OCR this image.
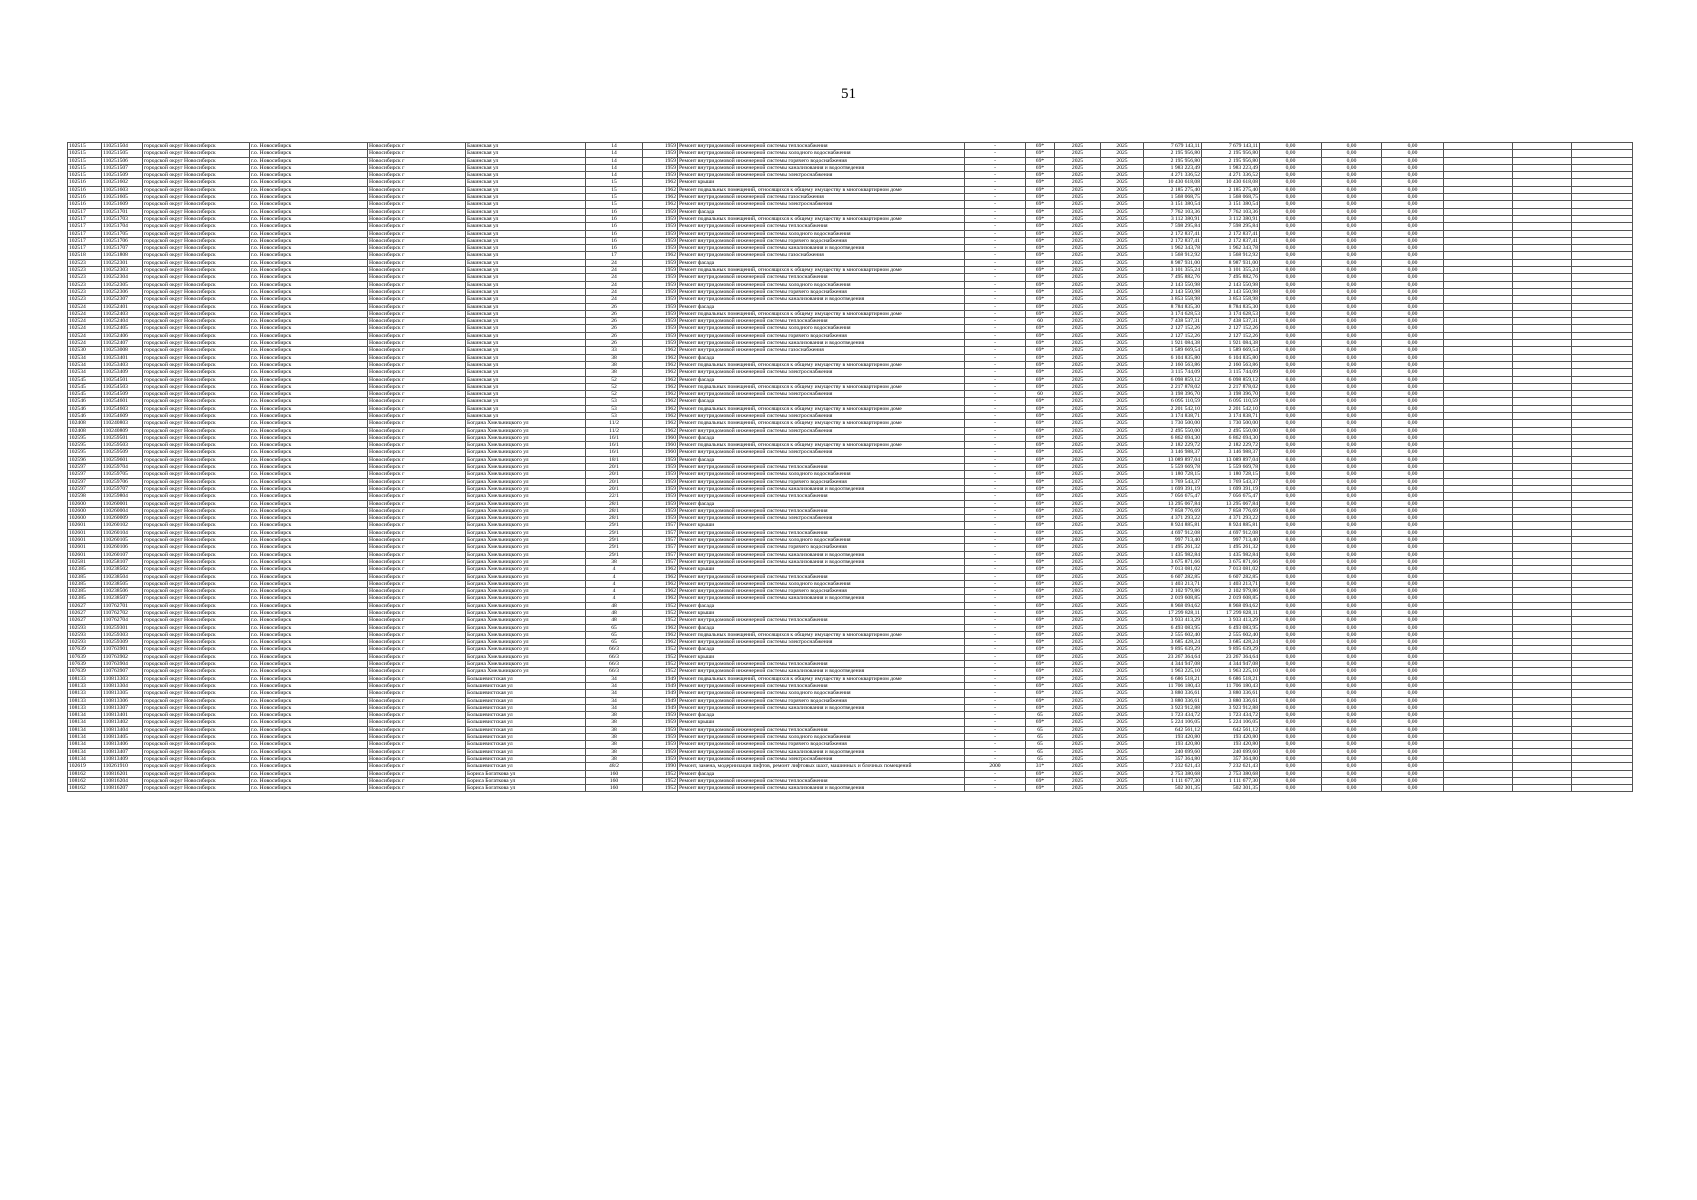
51
102515	110251504	городской округ Новосибирск	г.о. Новосибирск	Новосибирск г	Бакинская ул	14	1959	Ремонт внутридомовой инженерной системы теплоснабжения	-	69*	2025	2025	7 679 143,11	7 679 143,11	0,00	0,00	0,00			
102515	110251505	городской округ Новосибирск	г.о. Новосибирск	Новосибирск г	Бакинская ул	14	1959	Ремонт внутридомовой инженерной системы холодного водоснабжения	-	69*	2025	2025	2 195 956,80	2 195 956,80	0,00	0,00	0,00			
102515	110251506	городской округ Новосибирск	г.о. Новосибирск	Новосибирск г	Бакинская ул	14	1959	Ремонт внутридомовой инженерной системы горячего водоснабжения	-	69*	2025	2025	2 195 956,80	2 195 956,80	0,00	0,00	0,00			
102515	110251507	городской округ Новосибирск	г.о. Новосибирск	Новосибирск г	Бакинская ул	14	1959	Ремонт внутридомовой инженерной системы канализования и водоотведения	-	69*	2025	2025	1 983 223,49	1 983 223,49	0,00	0,00	0,00			
102515	110251509	городской округ Новосибирск	г.о. Новосибирск	Новосибирск г	Бакинская ул	14	1959	Ремонт внутридомовой инженерной системы электроснабжения	-	69*	2025	2025	4 271 336,52	4 271 336,52	0,00	0,00	0,00			
102516	110251602	городской округ Новосибирск	г.о. Новосибирск	Новосибирск г	Бакинская ул	15	1962	Ремонт крыши	-	69*	2025	2025	10 430 618,08	10 430 618,08	0,00	0,00	0,00			
102516	110251603	городской округ Новосибирск	г.о. Новосибирск	Новосибирск г	Бакинская ул	15	1962	Ремонт подвальных помещений, относящихся к общему имуществу в многоквартирном доме	-	69*	2025	2025	2 185 275,40	2 185 275,40	0,00	0,00	0,00			
102516	110251605	городской округ Новосибирск	г.о. Новосибирск	Новосибирск г	Бакинская ул	15	1962	Ремонт внутридомовой инженерной системы газоснабжения	-	69*	2025	2025	1 568 068,75	1 568 068,75	0,00	0,00	0,00			
102516	110251609	городской округ Новосибирск	г.о. Новосибирск	Новосибирск г	Бакинская ул	15	1962	Ремонт внутридомовой инженерной системы электроснабжения	-	69*	2025	2025	3 151 380,54	3 151 380,54	0,00	0,00	0,00			
102517	110251701	городской округ Новосибирск	г.о. Новосибирск	Новосибирск г	Бакинская ул	16	1959	Ремонт фасада	-	69*	2025	2025	7 762 103,36	7 762 103,36	0,00	0,00	0,00			
102517	110251703	городской округ Новосибирск	г.о. Новосибирск	Новосибирск г	Бакинская ул	16	1959	Ремонт подвальных помещений, относящихся к общему имуществу в многоквартирном доме	-	69*	2025	2025	3 112 380,91	3 112 380,91	0,00	0,00	0,00			
102517	110251704	городской округ Новосибирск	г.о. Новосибирск	Новосибирск г	Бакинская ул	16	1959	Ремонт внутридомовой инженерной системы теплоснабжения	-	69*	2025	2025	7 598 295,84	7 598 295,84	0,00	0,00	0,00			
102517	110251705	городской округ Новосибирск	г.о. Новосибирск	Новосибирск г	Бакинская ул	16	1959	Ремонт внутридомовой инженерной системы холодного водоснабжения	-	69*	2025	2025	2 172 837,41	2 172 837,41	0,00	0,00	0,00			
102517	110251706	городской округ Новосибирск	г.о. Новосибирск	Новосибирск г	Бакинская ул	16	1959	Ремонт внутридомовой инженерной системы горячего водоснабжения	-	69*	2025	2025	2 172 837,41	2 172 837,41	0,00	0,00	0,00			
102517	110251707	городской округ Новосибирск	г.о. Новосибирск	Новосибирск г	Бакинская ул	16	1959	Ремонт внутридомовой инженерной системы канализования и водоотведения	-	69*	2025	2025	1 962 343,78	1 962 343,78	0,00	0,00	0,00			
102518	110251808	городской округ Новосибирск	г.о. Новосибирск	Новосибирск г	Бакинская ул	17	1962	Ремонт внутридомовой инженерной системы газоснабжения	-	69*	2025	2025	1 568 912,92	1 568 912,92	0,00	0,00	0,00			
102523	110252301	городской округ Новосибирск	г.о. Новосибирск	Новосибирск г	Бакинская ул	24	1959	Ремонт фасада	-	69*	2025	2025	8 987 931,00	8 987 931,00	0,00	0,00	0,00			
102523	110252303	городской округ Новосибирск	г.о. Новосибирск	Новосибирск г	Бакинская ул	24	1959	Ремонт подвальных помещений, относящихся к общему имуществу в многоквартирном доме	-	69*	2025	2025	3 101 355,24	3 101 355,24	0,00	0,00	0,00			
102523	110252304	городской округ Новосибирск	г.о. Новосибирск	Новосибирск г	Бакинская ул	24	1959	Ремонт внутридомовой инженерной системы теплоснабжения	-	69*	2025	2025	7 495 882,76	7 495 882,76	0,00	0,00	0,00			
102523	110252305	городской округ Новосибирск	г.о. Новосибирск	Новосибирск г	Бакинская ул	24	1959	Ремонт внутридомовой инженерной системы холодного водоснабжения	-	69*	2025	2025	2 143 550,98	2 143 550,98	0,00	0,00	0,00			
102523	110252306	городской округ Новосибирск	г.о. Новосибирск	Новосибирск г	Бакинская ул	24	1959	Ремонт внутридомовой инженерной системы горячего водоснабжения	-	69*	2025	2025	2 143 550,98	2 143 550,98	0,00	0,00	0,00			
102523	110252307	городской округ Новосибирск	г.о. Новосибирск	Новосибирск г	Бакинская ул	24	1959	Ремонт внутридомовой инженерной системы канализования и водоотведения	-	69*	2025	2025	3 853 558,98	3 853 558,98	0,00	0,00	0,00			
102524	110252401	городской округ Новосибирск	г.о. Новосибирск	Новосибирск г	Бакинская ул	26	1959	Ремонт фасада	-	69*	2025	2025	8 784 835,30	8 784 835,30	0,00	0,00	0,00			
102524	110252403	городской округ Новосибирск	г.о. Новосибирск	Новосибирск г	Бакинская ул	26	1959	Ремонт подвальных помещений, относящихся к общему имуществу в многоквартирном доме	-	69*	2025	2025	3 174 628,53	3 174 628,53	0,00	0,00	0,00			
102524	110252404	городской округ Новосибирск	г.о. Новосибирск	Новосибирск г	Бакинская ул	26	1959	Ремонт внутридомовой инженерной системы теплоснабжения	-	60	2025	2025	7 438 537,31	7 438 537,31	0,00	0,00	0,00			
102524	110252405	городской округ Новосибирск	г.о. Новосибирск	Новосибирск г	Бакинская ул	26	1959	Ремонт внутридомовой инженерной системы холодного водоснабжения	-	69*	2025	2025	2 127 152,26	2 127 152,26	0,00	0,00	0,00			
102524	110252406	городской округ Новосибирск	г.о. Новосибирск	Новосибирск г	Бакинская ул	26	1959	Ремонт внутридомовой инженерной системы горячего водоснабжения	-	69*	2025	2025	2 127 152,26	2 127 152,26	0,00	0,00	0,00			
102524	110252407	городской округ Новосибирск	г.о. Новосибирск	Новосибирск г	Бакинская ул	26	1959	Ремонт внутридомовой инженерной системы канализования и водоотведения	-	69*	2025	2025	1 921 084,38	1 921 084,38	0,00	0,00	0,00			
102530	110253008	городской округ Новосибирск	г.о. Новосибирск	Новосибирск г	Бакинская ул	33	1962	Ремонт внутридомовой инженерной системы газоснабжения	-	69*	2025	2025	1 589 669,54	1 589 669,54	0,00	0,00	0,00			
102534	110253401	городской округ Новосибирск	г.о. Новосибирск	Новосибирск г	Бакинская ул	38	1962	Ремонт фасада	-	69*	2025	2025	6 104 835,80	6 104 835,80	0,00	0,00	0,00			
102534	110253403	городской округ Новосибирск	г.о. Новосибирск	Новосибирск г	Бакинская ул	38	1962	Ремонт подвальных помещений, относящихся к общему имуществу в многоквартирном доме	-	69*	2025	2025	2 160 563,86	2 160 563,86	0,00	0,00	0,00			
102534	110253409	городской округ Новосибирск	г.о. Новосибирск	Новосибирск г	Бакинская ул	38	1962	Ремонт внутридомовой инженерной системы электроснабжения	-	69*	2025	2025	3 115 744,09	3 115 744,09	0,00	0,00	0,00			
102545	110254501	городской округ Новосибирск	г.о. Новосибирск	Новосибирск г	Бакинская ул	52	1962	Ремонт фасада	-	69*	2025	2025	6 098 859,12	6 098 859,12	0,00	0,00	0,00			
102545	110254503	городской округ Новосибирск	г.о. Новосибирск	Новосибирск г	Бакинская ул	52	1962	Ремонт подвальных помещений, относящихся к общему имуществу в многоквартирном доме	-	69*	2025	2025	2 217 878,02	2 217 878,02	0,00	0,00	0,00			
102545	110254509	городской округ Новосибирск	г.о. Новосибирск	Новосибирск г	Бакинская ул	52	1962	Ремонт внутридомовой инженерной системы электроснабжения	-	60	2025	2025	3 198 396,70	3 198 396,70	0,00	0,00	0,00			
102546	110254601	городской округ Новосибирск	г.о. Новосибирск	Новосибирск г	Бакинская ул	53	1962	Ремонт фасада	-	69*	2025	2025	6 095 110,59	6 095 110,59	0,00	0,00	0,00			
102546	110254603	городской округ Новосибирск	г.о. Новосибирск	Новосибирск г	Бакинская ул	53	1962	Ремонт подвальных помещений, относящихся к общему имуществу в многоквартирном доме	-	69*	2025	2025	2 201 542,10	2 201 542,10	0,00	0,00	0,00			
102546	110254609	городской округ Новосибирск	г.о. Новосибирск	Новосибирск г	Бакинская ул	53	1962	Ремонт внутридомовой инженерной системы электроснабжения	-	69*	2025	2025	3 174 838,71	3 174 838,71	0,00	0,00	0,00			
102408	110240803	городской округ Новосибирск	г.о. Новосибирск	Новосибирск г	Богдана Хмельницкого ул	11/2	1962	Ремонт подвальных помещений, относящихся к общему имуществу в многоквартирном доме	-	69*	2025	2025	1 730 500,00	1 730 500,00	0,00	0,00	0,00			
102408	110240809	городской округ Новосибирск	г.о. Новосибирск	Новосибирск г	Богдана Хмельницкого ул	11/2	1962	Ремонт внутридомовой инженерной системы электроснабжения	-	69*	2025	2025	2 495 550,00	2 495 550,00	0,00	0,00	0,00			
102595	110259501	городской округ Новосибирск	г.о. Новосибирск	Новосибирск г	Богдана Хмельницкого ул	16/1	1960	Ремонт фасада	-	69*	2025	2025	6 862 694,30	6 862 694,30	0,00	0,00	0,00			
102595	110259503	городской округ Новосибирск	г.о. Новосибирск	Новосибирск г	Богдана Хмельницкого ул	16/1	1960	Ремонт подвальных помещений, относящихся к общему имуществу в многоквартирном доме	-	69*	2025	2025	2 182 229,72	2 182 229,72	0,00	0,00	0,00			
102595	110259509	городской округ Новосибирск	г.о. Новосибирск	Новосибирск г	Богдана Хмельницкого ул	16/1	1960	Ремонт внутридомовой инженерной системы электроснабжения	-	69*	2025	2025	3 146 988,37	3 146 988,37	0,00	0,00	0,00			
102596	110259601	городской округ Новосибирск	г.о. Новосибирск	Новосибирск г	Богдана Хмельницкого ул	18/1	1959	Ремонт фасада	-	69*	2025	2025	13 089 897,04	13 089 897,04	0,00	0,00	0,00			
102597	110259704	городской округ Новосибирск	г.о. Новосибирск	Новосибирск г	Богдана Хмельницкого ул	20/1	1959	Ремонт внутридомовой инженерной системы теплоснабжения	-	69*	2025	2025	5 559 669,78	5 559 669,78	0,00	0,00	0,00			
102597	110259705	городской округ Новосибирск	г.о. Новосибирск	Новосибирск г	Богдана Хмельницкого ул	20/1	1959	Ремонт внутридомовой инженерной системы холодного водоснабжения	-	69*	2025	2025	1 180 728,15	1 180 728,15	0,00	0,00	0,00			
102597	110259706	городской округ Новосибирск	г.о. Новосибирск	Новосибирск г	Богдана Хмельницкого ул	20/1	1959	Ремонт внутридомовой инженерной системы горячего водоснабжения	-	69*	2025	2025	1 769 543,37	1 769 543,37	0,00	0,00	0,00			
102597	110259707	городской округ Новосибирск	г.о. Новосибирск	Новосибирск г	Богдана Хмельницкого ул	20/1	1959	Ремонт внутридомовой инженерной системы канализования и водоотведения	-	69*	2025	2025	1 699 391,19	1 699 391,19	0,00	0,00	0,00			
102598	110259804	городской округ Новосибирск	г.о. Новосибирск	Новосибирск г	Богдана Хмельницкого ул	22/1	1959	Ремонт внутридомовой инженерной системы теплоснабжения	-	69*	2025	2025	7 056 675,47	7 056 675,47	0,00	0,00	0,00			
102600	110260001	городской округ Новосибирск	г.о. Новосибирск	Новосибирск г	Богдана Хмельницкого ул	28/1	1959	Ремонт фасада	-	69*	2025	2025	13 295 067,84	13 295 067,84	0,00	0,00	0,00			
102600	110260004	городской округ Новосибирск	г.о. Новосибирск	Новосибирск г	Богдана Хмельницкого ул	28/1	1959	Ремонт внутридомовой инженерной системы теплоснабжения	-	69*	2025	2025	7 858 776,69	7 858 776,69	0,00	0,00	0,00			
102600	110260009	городской округ Новосибирск	г.о. Новосибирск	Новосибирск г	Богдана Хмельницкого ул	28/1	1959	Ремонт внутридомовой инженерной системы электроснабжения	-	69*	2025	2025	4 371 293,22	4 371 293,22	0,00	0,00	0,00			
102601	110260102	городской округ Новосибирск	г.о. Новосибирск	Новосибирск г	Богдана Хмельницкого ул	29/1	1957	Ремонт крыши	-	69*	2025	2025	8 924 885,81	8 924 885,81	0,00	0,00	0,00			
102601	110260104	городской округ Новосибирск	г.о. Новосибирск	Новосибирск г	Богдана Хмельницкого ул	29/1	1957	Ремонт внутридомовой инженерной системы теплоснабжения	-	69*	2025	2025	4 697 912,08	4 697 912,08	0,00	0,00	0,00			
102601	110260105	городской округ Новосибирск	г.о. Новосибирск	Новосибирск г	Богдана Хмельницкого ул	29/1	1957	Ремонт внутридомовой инженерной системы холодного водоснабжения	-	69*	2025	2025	997 713,40	997 713,40	0,00	0,00	0,00			
102601	110260106	городской округ Новосибирск	г.о. Новосибирск	Новосибирск г	Богдана Хмельницкого ул	29/1	1957	Ремонт внутридомовой инженерной системы горячего водоснабжения	-	69*	2025	2025	1 495 261,32	1 495 261,32	0,00	0,00	0,00			
102601	110260107	городской округ Новосибирск	г.о. Новосибирск	Новосибирск г	Богдана Хмельницкого ул	29/1	1957	Ремонт внутридомовой инженерной системы канализования и водоотведения	-	69*	2025	2025	1 435 982,84	1 435 982,84	0,00	0,00	0,00			
102581	110258107	городской округ Новосибирск	г.о. Новосибирск	Новосибирск г	Богдана Хмельницкого ул	38	1957	Ремонт внутридомовой инженерной системы канализования и водоотведения	-	69*	2025	2025	3 675 871,66	3 675 871,66	0,00	0,00	0,00			
102385	110238502	городской округ Новосибирск	г.о. Новосибирск	Новосибирск г	Богдана Хмельницкого ул	4	1962	Ремонт крыши	-	69*	2025	2025	7 013 081,02	7 013 081,02	0,00	0,00	0,00			
102385	110238504	городской округ Новосибирск	г.о. Новосибирск	Новосибирск г	Богдана Хмельницкого ул	4	1962	Ремонт внутридомовой инженерной системы теплоснабжения	-	69*	2025	2025	6 607 282,85	6 607 282,85	0,00	0,00	0,00			
102385	110238505	городской округ Новосибирск	г.о. Новосибирск	Новосибирск г	Богдана Хмельницкого ул	4	1962	Ремонт внутридомовой инженерной системы холодного водоснабжения	-	69*	2025	2025	1 403 213,71	1 403 213,71	0,00	0,00	0,00			
102385	110238506	городской округ Новосибирск	г.о. Новосибирск	Новосибирск г	Богдана Хмельницкого ул	4	1962	Ремонт внутридомовой инженерной системы горячего водоснабжения	-	69*	2025	2025	2 102 979,86	2 102 979,86	0,00	0,00	0,00			
102385	110238507	городской округ Новосибирск	г.о. Новосибирск	Новосибирск г	Богдана Хмельницкого ул	4	1962	Ремонт внутридомовой инженерной системы канализования и водоотведения	-	69*	2025	2025	2 019 608,85	2 019 608,85	0,00	0,00	0,00			
102627	110762701	городской округ Новосибирск	г.о. Новосибирск	Новосибирск г	Богдана Хмельницкого ул	48	1952	Ремонт фасада	-	69*	2025	2025	8 968 094,62	8 968 094,62	0,00	0,00	0,00			
102627	110762702	городской округ Новосибирск	г.о. Новосибирск	Новосибирск г	Богдана Хмельницкого ул	48	1952	Ремонт крыши	-	69*	2025	2025	17 299 828,11	17 299 828,11	0,00	0,00	0,00			
102627	110762704	городской округ Новосибирск	г.о. Новосибирск	Новосибирск г	Богдана Хмельницкого ул	48	1952	Ремонт внутридомовой инженерной системы теплоснабжения	-	69*	2025	2025	3 933 413,29	3 933 413,29	0,00	0,00	0,00			
102593	110259301	городской округ Новосибирск	г.о. Новосибирск	Новосибирск г	Богдана Хмельницкого ул	65	1962	Ремонт фасада	-	69*	2025	2025	6 493 083,95	6 493 083,95	0,00	0,00	0,00			
102593	110259303	городской округ Новосибирск	г.о. Новосибирск	Новосибирск г	Богдана Хмельницкого ул	65	1962	Ремонт подвальных помещений, относящихся к общему имуществу в многоквартирном доме	-	69*	2025	2025	2 555 602,40	2 555 602,40	0,00	0,00	0,00			
102593	110259309	городской округ Новосибирск	г.о. Новосибирск	Новосибирск г	Богдана Хмельницкого ул	65	1962	Ремонт внутридомовой инженерной системы электроснабжения	-	69*	2025	2025	3 685 428,24	3 685 428,24	0,00	0,00	0,00			
107639	110763901	городской округ Новосибирск	г.о. Новосибирск	Новосибирск г	Богдана Хмельницкого ул	66/3	1952	Ремонт фасада	-	69*	2025	2025	9 895 639,29	9 895 639,29	0,00	0,00	0,00			
107639	110763902	городской округ Новосибирск	г.о. Новосибирск	Новосибирск г	Богдана Хмельницкого ул	66/3	1952	Ремонт крыши	-	69*	2025	2025	23 267 364,64	23 267 364,64	0,00	0,00	0,00			
107639	110763904	городской округ Новосибирск	г.о. Новосибирск	Новосибирск г	Богдана Хмельницкого ул	66/3	1952	Ремонт внутридомовой инженерной системы теплоснабжения	-	69*	2025	2025	4 344 947,08	4 344 947,08	0,00	0,00	0,00			
107639	110763907	городской округ Новосибирск	г.о. Новосибирск	Новосибирск г	Богдана Хмельницкого ул	66/3	1952	Ремонт внутридомовой инженерной системы канализования и водоотведения	-	69*	2025	2025	1 963 225,10	1 963 225,10	0,00	0,00	0,00			
108133	110813303	городской округ Новосибирск	г.о. Новосибирск	Новосибирск г	Большевистская ул	34	1949	Ремонт подвальных помещений, относящихся к общему имуществу в многоквартирном доме	-	69*	2025	2025	6 686 518,21	6 686 518,21	0,00	0,00	0,00			
108133	110813304	городской округ Новосибирск	г.о. Новосибирск	Новосибирск г	Большевистская ул	34	1949	Ремонт внутридомовой инженерной системы теплоснабжения	-	69*	2025	2025	11 706 180,43	11 706 180,43	0,00	0,00	0,00			
108133	110813305	городской округ Новосибирск	г.о. Новосибирск	Новосибирск г	Большевистская ул	34	1949	Ремонт внутридомовой инженерной системы холодного водоснабжения	-	69*	2025	2025	3 880 336,61	3 880 336,61	0,00	0,00	0,00			
108133	110813306	городской округ Новосибирск	г.о. Новосибирск	Новосибирск г	Большевистская ул	34	1949	Ремонт внутридомовой инженерной системы горячего водоснабжения	-	69*	2025	2025	3 880 336,61	3 880 336,61	0,00	0,00	0,00			
108133	110813307	городской округ Новосибирск	г.о. Новосибирск	Новосибирск г	Большевистская ул	34	1949	Ремонт внутридомовой инженерной системы канализования и водоотведения	-	69*	2025	2025	3 923 912,88	3 923 912,88	0,00	0,00	0,00			
108134	110813401	городской округ Новосибирск	г.о. Новосибирск	Новосибирск г	Большевистская ул	38	1959	Ремонт фасада	-	65	2025	2025	1 723 434,72	1 723 434,72	0,00	0,00	0,00			
108134	110813402	городской округ Новосибирск	г.о. Новосибирск	Новосибирск г	Большевистская ул	38	1959	Ремонт крыши	-	69*	2025	2025	5 224 106,05	5 224 106,05	0,00	0,00	0,00			
108134	110813404	городской округ Новосибирск	г.о. Новосибирск	Новосибирск г	Большевистская ул	38	1959	Ремонт внутридомовой инженерной системы теплоснабжения	-	65	2025	2025	642 561,12	642 561,12	0,00	0,00	0,00			
108134	110813405	городской округ Новосибирск	г.о. Новосибирск	Новосибирск г	Большевистская ул	38	1959	Ремонт внутридомовой инженерной системы холодного водоснабжения	-	65	2025	2025	193 420,80	193 420,80	0,00	0,00	0,00			
108134	110813406	городской округ Новосибирск	г.о. Новосибирск	Новосибирск г	Большевистская ул	38	1959	Ремонт внутридомовой инженерной системы горячего водоснабжения	-	65	2025	2025	193 420,80	193 420,80	0,00	0,00	0,00			
108134	110813407	городской округ Новосибирск	г.о. Новосибирск	Новосибирск г	Большевистская ул	38	1959	Ремонт внутридомовой инженерной системы канализования и водоотведения	-	65	2025	2025	240 699,60	240 699,60	0,00	0,00	0,00			
108134	110813409	городской округ Новосибирск	г.о. Новосибирск	Новосибирск г	Большевистская ул	38	1959	Ремонт внутридомовой инженерной системы электроснабжения	-	65	2025	2025	357 364,80	357 364,80	0,00	0,00	0,00			
102619	110261910	городской округ Новосибирск	г.о. Новосибирск	Новосибирск г	Большевистская ул	48/2	1990	Ремонт, замена, модернизация лифтов, ремонт лифтовых шахт, машинных и блочных помещений	2000	31*	2025	2025	7 232 621,43	7 232 621,43	0,00	0,00	0,00			
108162	110816201	городской округ Новосибирск	г.о. Новосибирск	Новосибирск г	Бориса Богаткова ул	160	1952	Ремонт фасада	-	69*	2025	2025	2 753 380,68	2 753 380,68	0,00	0,00	0,00			
108162	110816204	городской округ Новосибирск	г.о. Новосибирск	Новосибирск г	Бориса Богаткова ул	160	1952	Ремонт внутридомовой инженерной системы теплоснабжения	-	69*	2025	2025	1 111 677,30	1 111 677,30	0,00	0,00	0,00			
108162	110816207	городской округ Новосибирск	г.о. Новосибирск	Новосибирск г	Бориса Богаткова ул	160	1952	Ремонт внутридомовой инженерной системы канализования и водоотведения	-	69*	2025	2025	502 301,35	502 301,35	0,00	0,00	0,00			
